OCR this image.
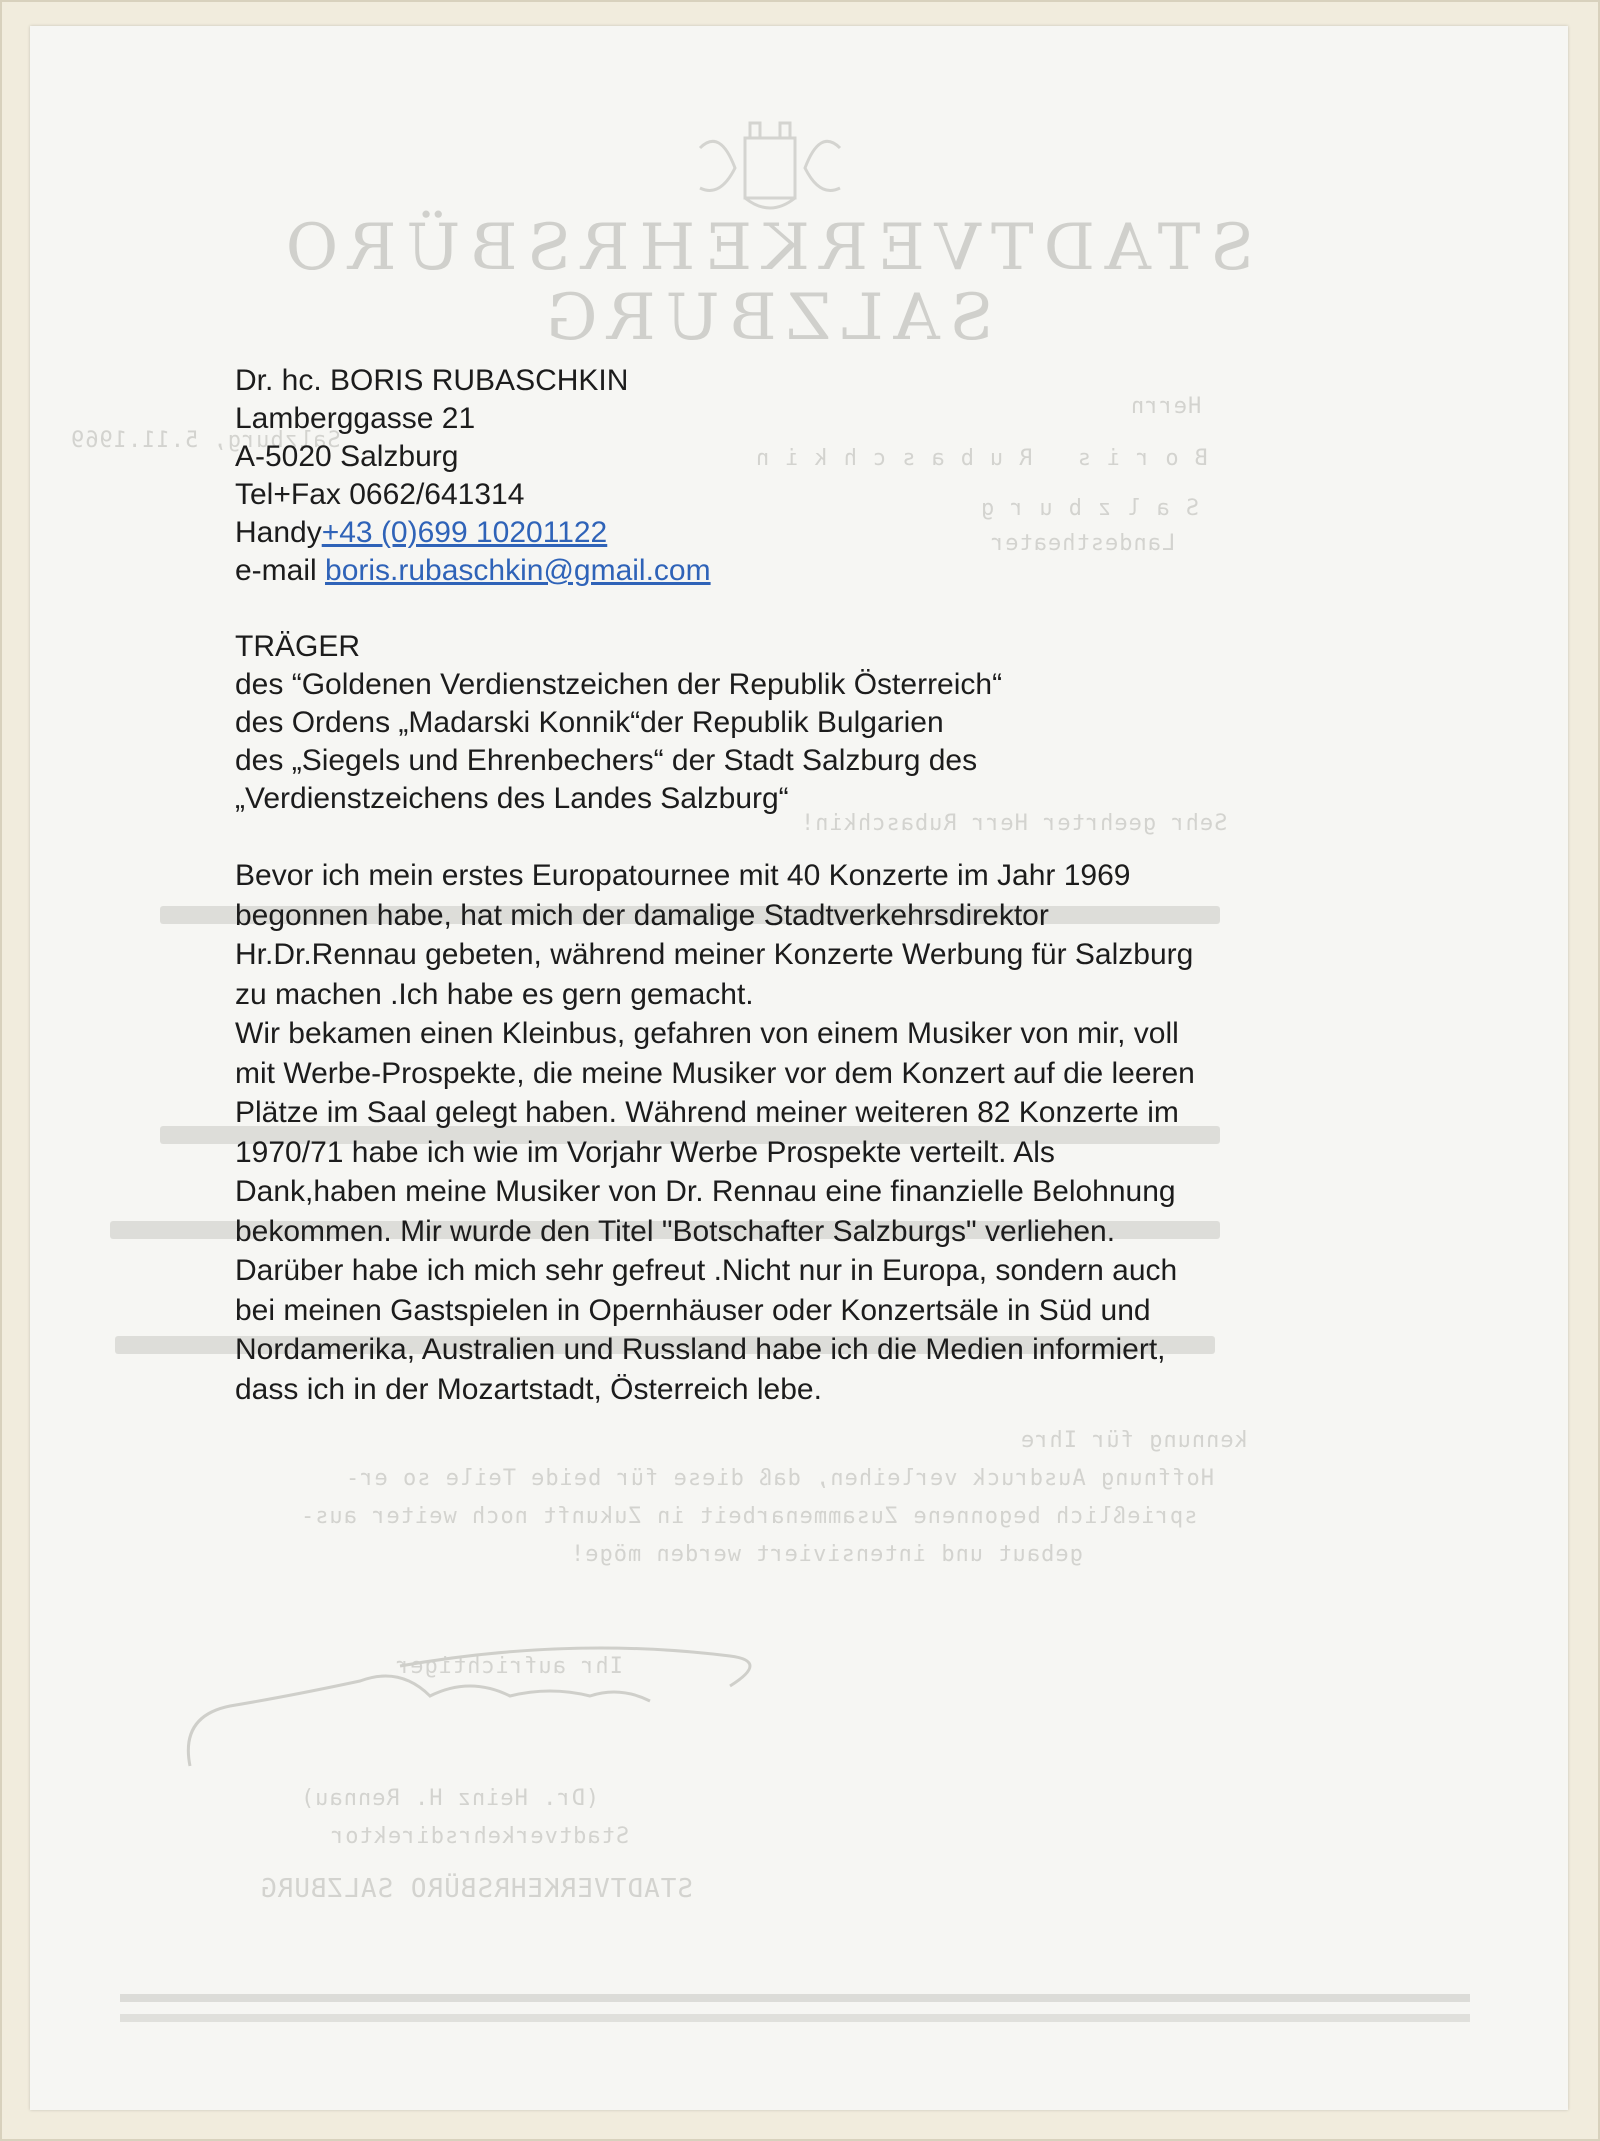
STADTVERKEHRSBÜRO
SALZBURG
Herrn
Boris Rubaschkin
Salzburg, 5.11.1969
Salzburg
Landestheater
Sehr geehrter Herr Rubaschkin!
kennung für Ihre
Hoffnung Ausdruck verleihen, daß diese für beide Teile so er-
sprießlich begonnene Zusammenarbeit in Zukunft noch weiter aus-
gebaut und intensiviert werden möge!
Ihr aufrichtiger
(Dr. Heinz H. Rennau)
Stadtverkehrsdirektor
STADTVERKEHRSBÜRO SALZBURG
Dr. hc. BORIS RUBASCHKIN
Lamberggasse 21
A-5020 Salzburg
Tel+Fax 0662/641314
Handy+43 (0)699 10201122
e-mail boris.rubaschkin@gmail.com
TRÄGER
des “Goldenen Verdienstzeichen der Republik Österreich“
des Ordens „Madarski Konnik“der Republik Bulgarien
des „Siegels und Ehrenbechers“ der Stadt Salzburg des
„Verdienstzeichens des Landes Salzburg“
Bevor ich mein erstes Europatournee mit 40 Konzerte im Jahr 1969
begonnen habe, hat mich der damalige Stadtverkehrsdirektor
Hr.Dr.Rennau gebeten, während meiner Konzerte Werbung für Salzburg
zu machen .Ich habe es gern gemacht.
Wir bekamen einen Kleinbus, gefahren von einem Musiker von mir, voll
mit Werbe-Prospekte, die meine Musiker vor dem Konzert auf die leeren
Plätze im Saal gelegt haben. Während meiner weiteren 82 Konzerte im
1970/71 habe ich wie im Vorjahr Werbe Prospekte verteilt. Als
Dank,haben meine Musiker von Dr. Rennau eine finanzielle Belohnung
bekommen. Mir wurde den Titel "Botschafter Salzburgs" verliehen.
Darüber habe ich mich sehr gefreut .Nicht nur in Europa, sondern auch
bei meinen Gastspielen in Opernhäuser oder Konzertsäle in Süd und
Nordamerika, Australien und Russland habe ich die Medien informiert,
dass ich in der Mozartstadt, Österreich lebe.
